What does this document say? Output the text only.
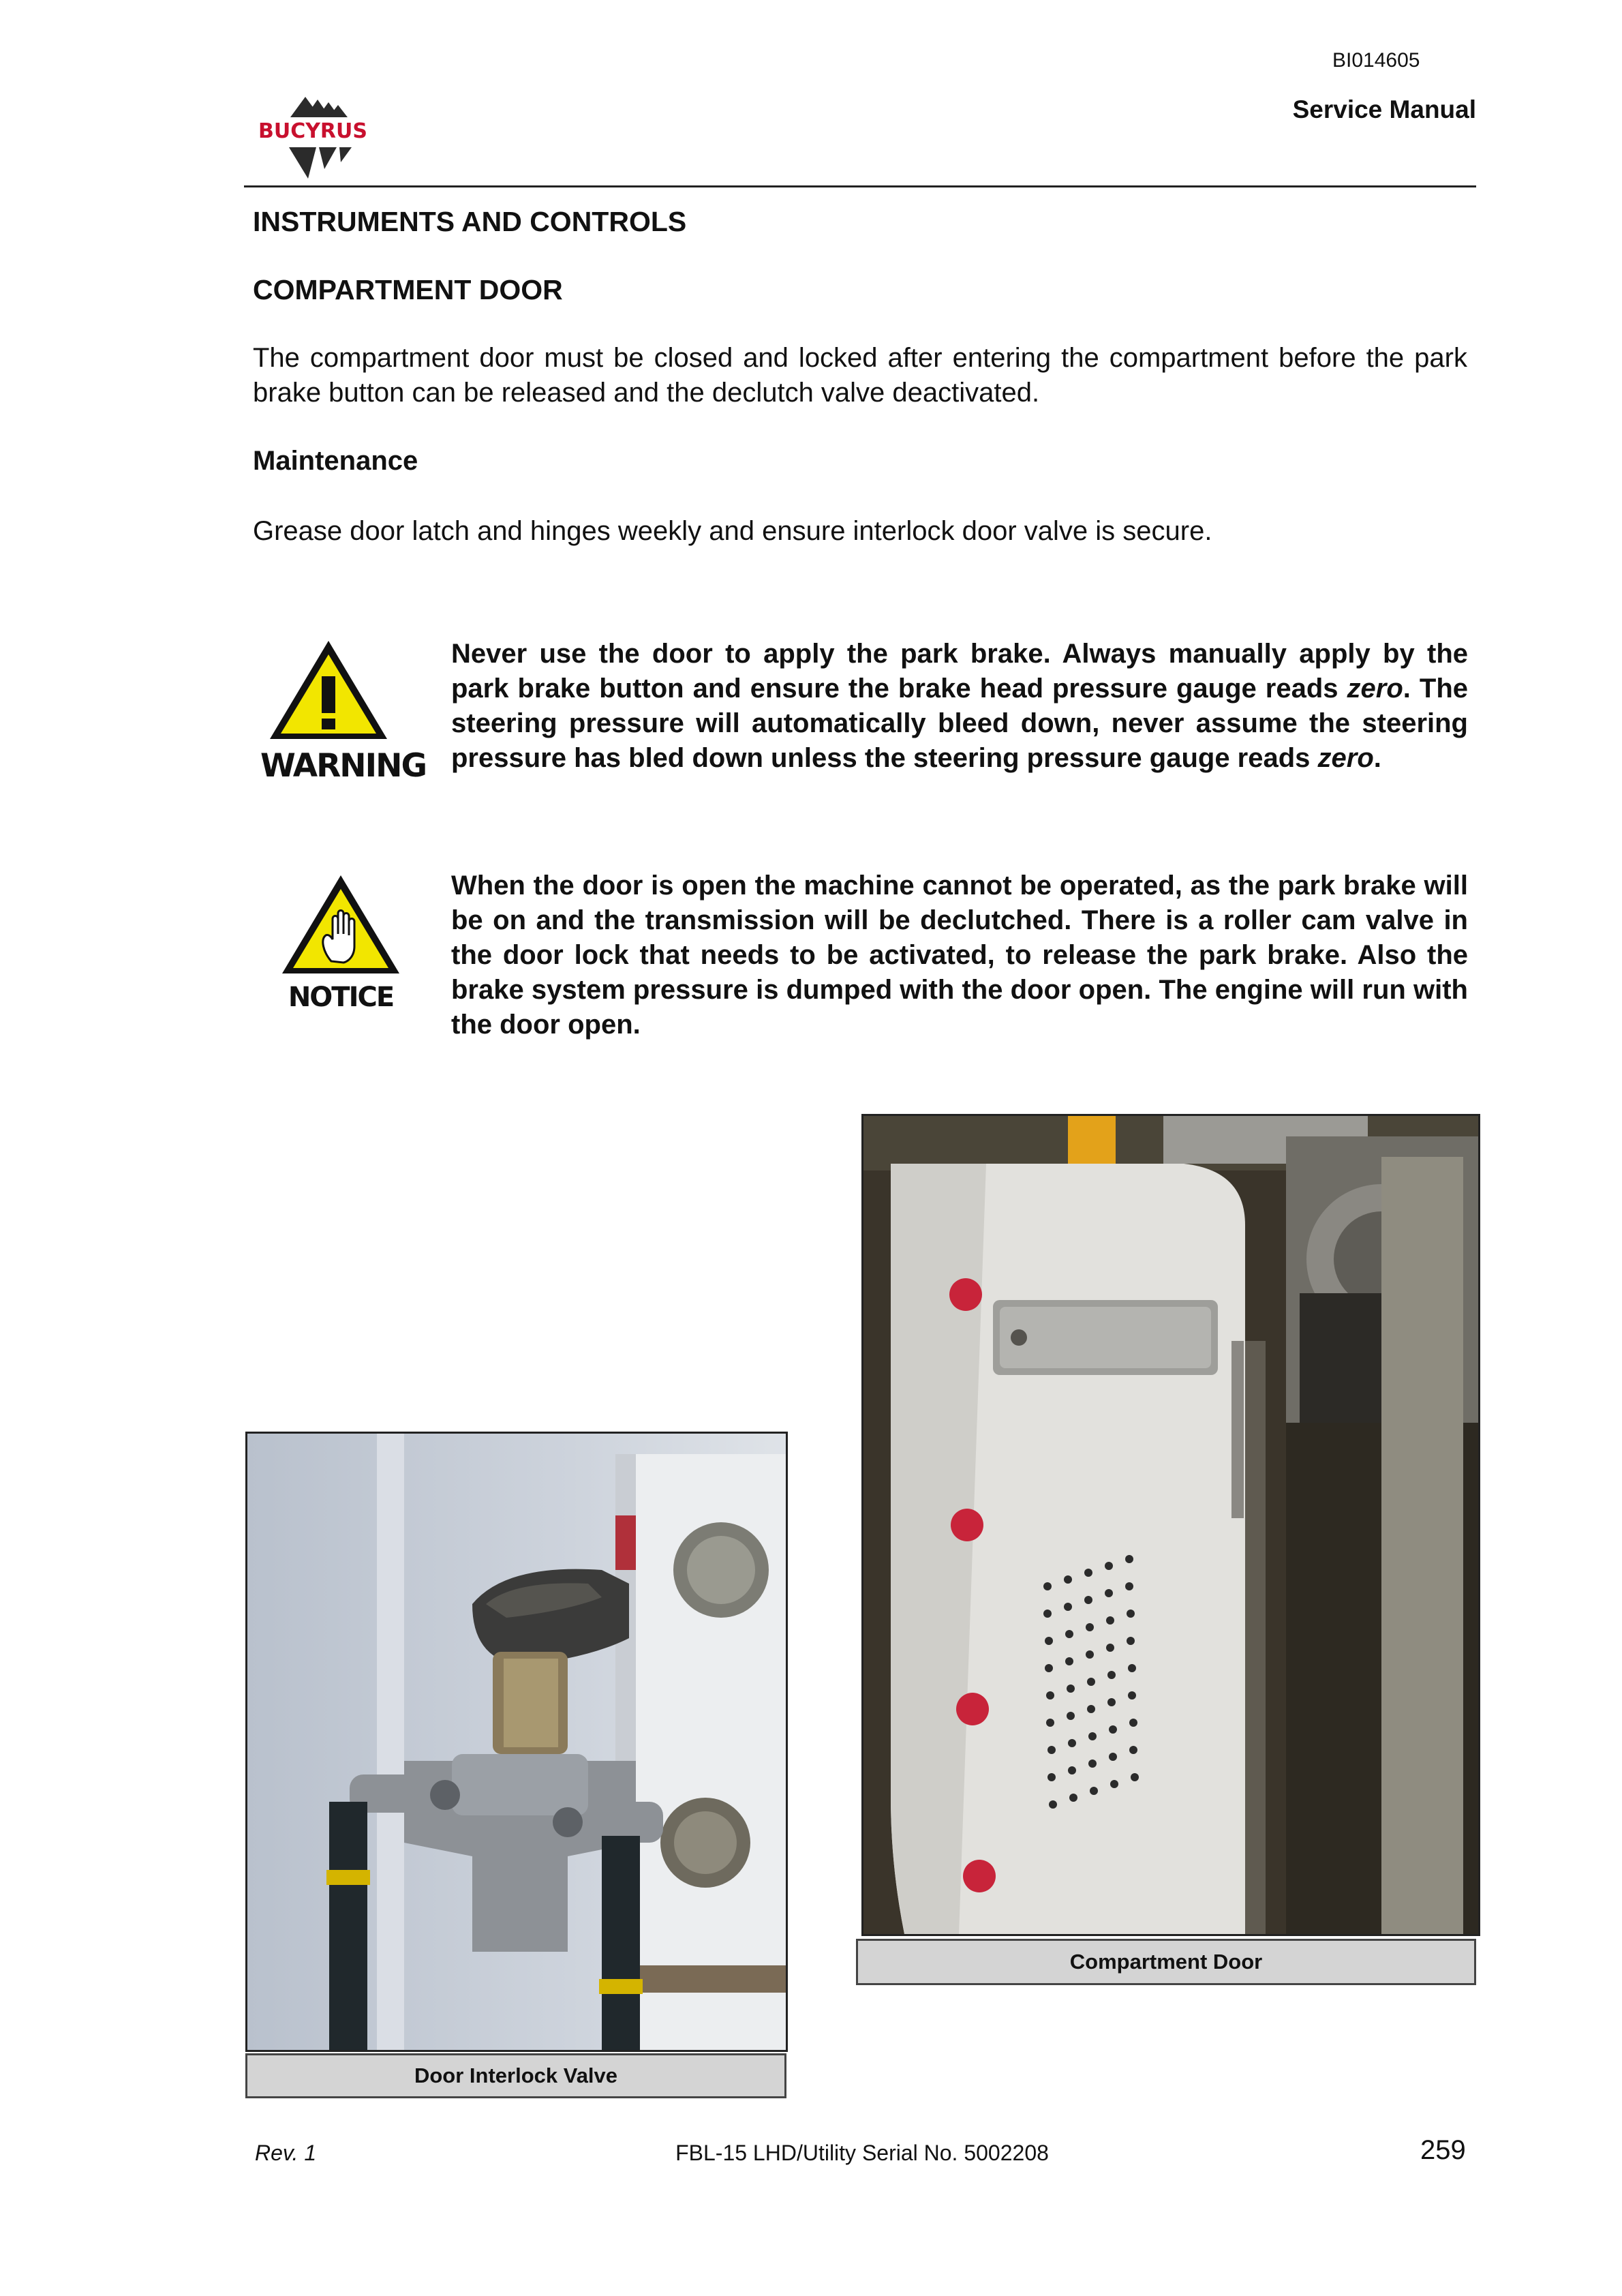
BI014605
Service Manual
BUCYRUS
INSTRUMENTS AND CONTROLS
COMPARTMENT DOOR
The compartment door must be closed and locked after entering the compartment before the park brake button can be released and the declutch valve deactivated.
Maintenance
Grease door latch and hinges weekly and ensure interlock door valve is secure.
WARNING
Never use the door to apply the park brake. Always manually apply by the park brake button and ensure the brake head pressure gauge reads zero. The steering pressure will automatically bleed down, never assume the steering pressure has bled down unless the steering pressure gauge reads zero.
NOTICE
When the door is open the machine cannot be operated, as the park brake will be on and the transmission will be declutched. There is a roller cam valve in the door lock that needs to be activated, to release the park brake. Also the brake system pressure is dumped with the door open. The engine will run with the door open.
Door Interlock Valve
Compartment Door
Rev. 1	FBL-15 LHD/Utility Serial No. 5002208	259
